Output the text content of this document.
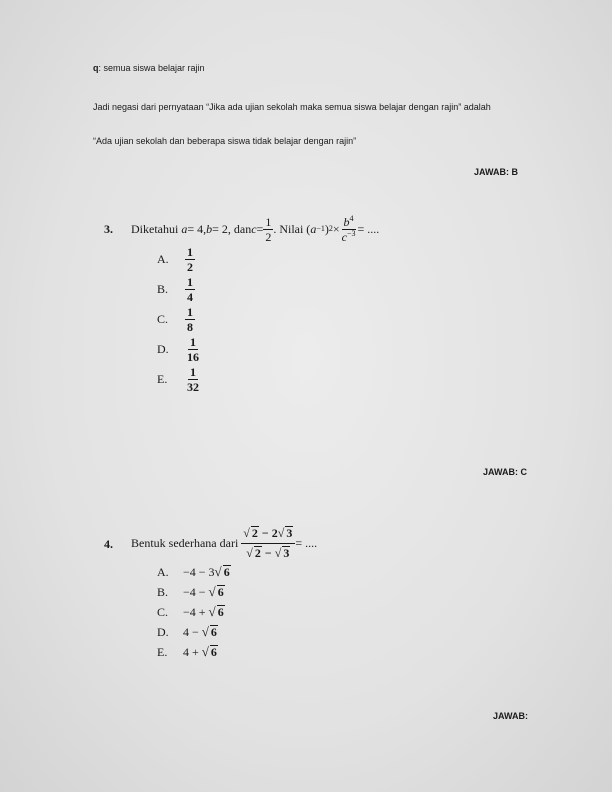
q: semua siswa belajar rajin
Jadi negasi dari pernyataan “Jika ada ujian sekolah maka semua siswa belajar dengan rajin” adalah
“Ada ujian sekolah dan beberapa siswa tidak belajar dengan rajin”
JAWAB: B
3. Diketahui
a = 4, b = 2, dan $c = \frac{1}{2}$ . Nilai ( a −1 ) $2 \times \frac{b^4}{c^{-3}}$ = ....
A. $\frac{1}{2}$
B. $\frac{1}{4}$
C. $\frac{1}{8}$
D. $\frac{1}{16}$
E. $\frac{1}{32}$
JAWAB: C
4. Bentuk sederhana dari
$\frac{√ 2 - 2√ 3}{√ 2 - √ 3}$ = ....
A. −4 − 3√ 6
B. −4 − √ 6
C. −4 + √ 6
D. 4 − √ 6
E. 4 + √ 6
JAWAB:
